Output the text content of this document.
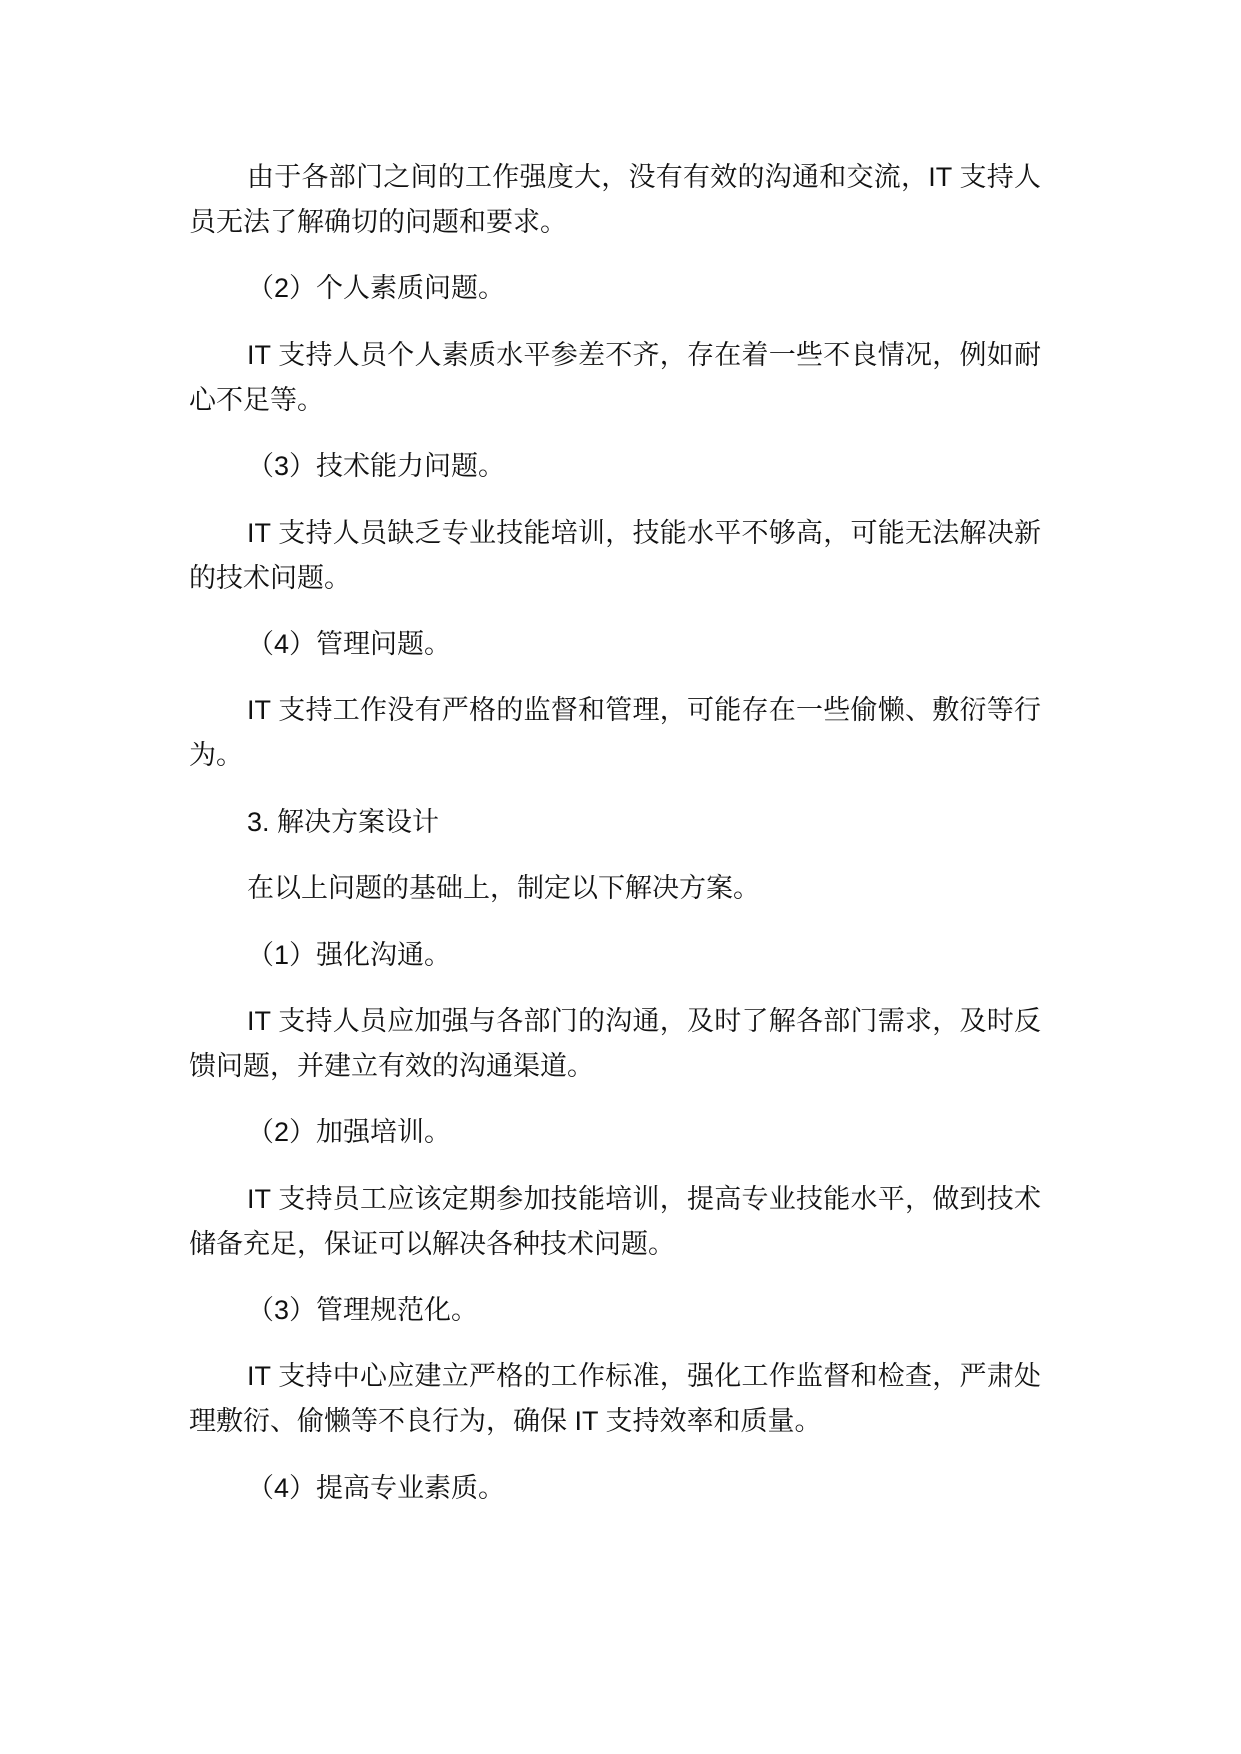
由于各部门之间的工作强度大，没有有效的沟通和交流，IT 支持人
员无法了解确切的问题和要求。
（2）个人素质问题。
IT 支持人员个人素质水平参差不齐，存在着一些不良情况，例如耐
心不足等。
（3）技术能力问题。
IT 支持人员缺乏专业技能培训，技能水平不够高，可能无法解决新
的技术问题。
（4）管理问题。
IT 支持工作没有严格的监督和管理，可能存在一些偷懒、敷衍等行
为。
3. 解决方案设计
在以上问题的基础上，制定以下解决方案。
（1）强化沟通。
IT 支持人员应加强与各部门的沟通，及时了解各部门需求，及时反
馈问题，并建立有效的沟通渠道。
（2）加强培训。
IT 支持员工应该定期参加技能培训，提高专业技能水平，做到技术
储备充足，保证可以解决各种技术问题。
（3）管理规范化。
IT 支持中心应建立严格的工作标准，强化工作监督和检查，严肃处
理敷衍、偷懒等不良行为，确保 IT 支持效率和质量。
（4）提高专业素质。
